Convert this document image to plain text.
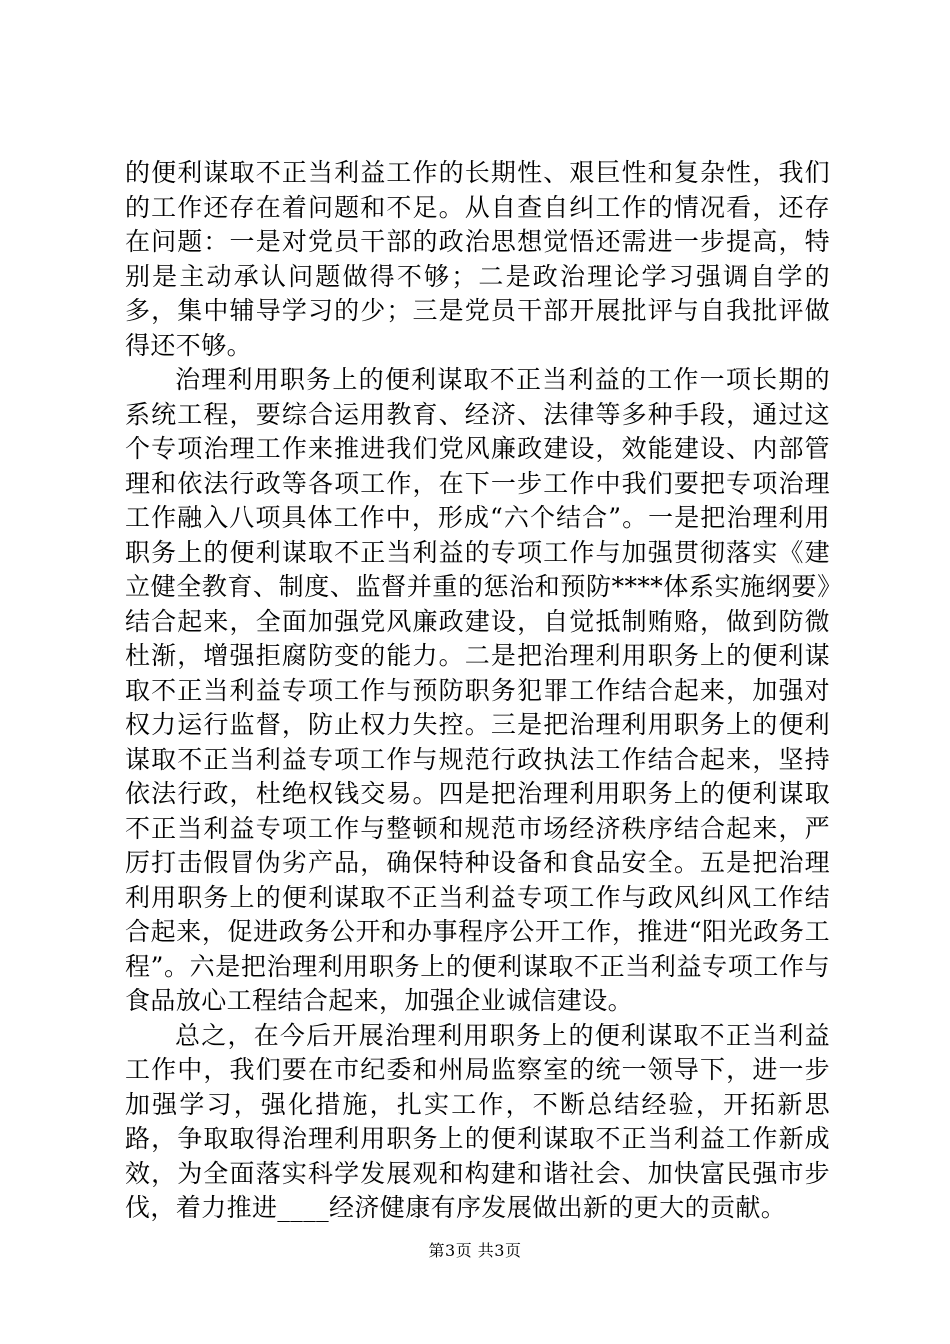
的便利谋取不正当利益工作的长期性、艰巨性和复杂性，我们的工作还存在着问题和不足。从自查自纠工作的情况看，还存在问题：一是对党员干部的政治思想觉悟还需进一步提高，特别是主动承认问题做得不够；二是政治理论学习强调自学的多，集中辅导学习的少；三是党员干部开展批评与自我批评做得还不够。

治理利用职务上的便利谋取不正当利益的工作一项长期的系统工程，要综合运用教育、经济、法律等多种手段，通过这个专项治理工作来推进我们党风廉政建设，效能建设、内部管理和依法行政等各项工作，在下一步工作中我们要把专项治理工作融入八项具体工作中，形成“六个结合”。一是把治理利用职务上的便利谋取不正当利益的专项工作与加强贯彻落实《建立健全教育、制度、监督并重的惩治和预防****体系实施纲要》结合起来，全面加强党风廉政建设，自觉抵制贿赂，做到防微杜渐，增强拒腐防变的能力。二是把治理利用职务上的便利谋取不正当利益专项工作与预防职务犯罪工作结合起来，加强对权力运行监督，防止权力失控。三是把治理利用职务上的便利谋取不正当利益专项工作与规范行政执法工作结合起来，坚持依法行政，杜绝权钱交易。四是把治理利用职务上的便利谋取不正当利益专项工作与整顿和规范市场经济秩序结合起来，严厉打击假冒伪劣产品，确保特种设备和食品安全。五是把治理利用职务上的便利谋取不正当利益专项工作与政风纠风工作结合起来，促进政务公开和办事程序公开工作，推进“阳光政务工程”。六是把治理利用职务上的便利谋取不正当利益专项工作与食品放心工程结合起来，加强企业诚信建设。

总之，在今后开展治理利用职务上的便利谋取不正当利益工作中，我们要在市纪委和州局监察室的统一领导下，进一步加强学习，强化措施，扎实工作，不断总结经验，开拓新思路，争取取得治理利用职务上的便利谋取不正当利益工作新成效，为全面落实科学发展观和构建和谐社会、加快富民强市步伐，着力推进____经济健康有序发展做出新的更大的贡献。

第3页 共3页
